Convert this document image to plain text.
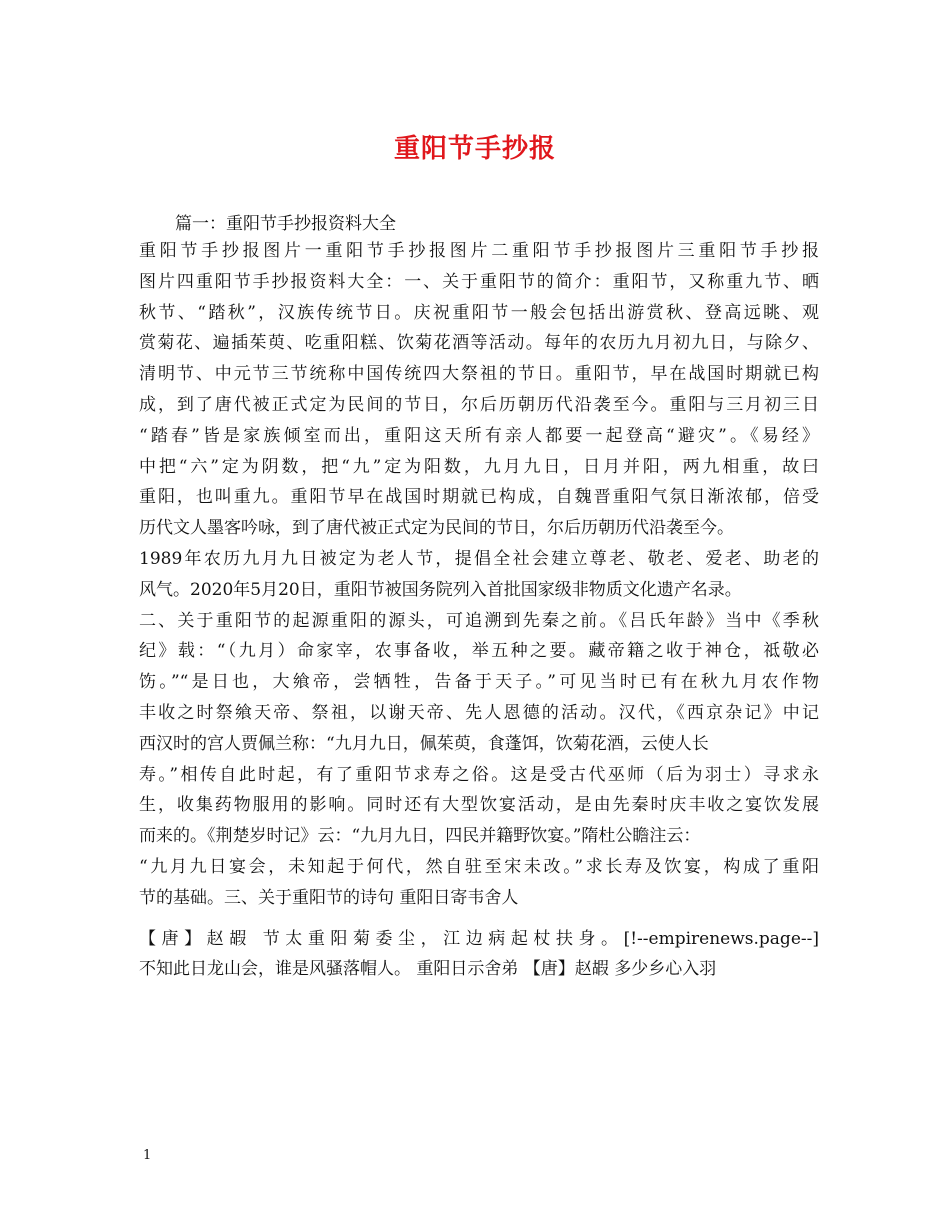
重阳节手抄报

篇一：重阳节手抄报资料大全

重阳节手抄报图片一重阳节手抄报图片二重阳节手抄报图片三重阳节手抄报
图片四重阳节手抄报资料大全：一、关于重阳节的简介：重阳节，又称重九节、晒
秋节、“踏秋”，汉族传统节日。庆祝重阳节一般会包括出游赏秋、登高远眺、观
赏菊花、遍插茱萸、吃重阳糕、饮菊花酒等活动。每年的农历九月初九日，与除夕、
清明节、中元节三节统称中国传统四大祭祖的节日。重阳节，早在战国时期就已构
成，到了唐代被正式定为民间的节日，尔后历朝历代沿袭至今。重阳与三月初三日
“踏春”皆是家族倾室而出，重阳这天所有亲人都要一起登高“避灾”。《易经》
中把“六”定为阴数，把“九”定为阳数，九月九日，日月并阳，两九相重，故曰
重阳，也叫重九。重阳节早在战国时期就已构成，自魏晋重阳气氛日渐浓郁，倍受
历代文人墨客吟咏，到了唐代被正式定为民间的节日，尔后历朝历代沿袭至今。
1989年农历九月九日被定为老人节，提倡全社会建立尊老、敬老、爱老、助老的
风气。2020年5月20日，重阳节被国务院列入首批国家级非物质文化遗产名录。
二、关于重阳节的起源重阳的源头，可追溯到先秦之前。《吕氏年龄》当中《季秋
纪》载：“（九月）命家宰，农事备收，举五种之要。藏帝籍之收于神仓，祗敬必
饬。”“是日也，大飨帝，尝牺牲，告备于天子。”可见当时已有在秋九月农作物
丰收之时祭飨天帝、祭祖，以谢天帝、先人恩德的活动。汉代，《西京杂记》中记
西汉时的宫人贾佩兰称：“九月九日，佩茱萸，食蓬饵，饮菊花酒，云使人长
寿。”相传自此时起，有了重阳节求寿之俗。这是受古代巫师（后为羽士）寻求永
生，收集药物服用的影响。同时还有大型饮宴活动，是由先秦时庆丰收之宴饮发展
而来的。《荆楚岁时记》云：“九月九日，四民并籍野饮宴。”隋杜公瞻注云：
“九月九日宴会，未知起于何代，然自驻至宋未改。”求长寿及饮宴，构成了重阳
节的基础。三、关于重阳节的诗句 重阳日寄韦舍人
【唐】赵嘏 节太重阳菊委尘，江边病起杖扶身。[!--empirenews.page--]
不知此日龙山会，谁是风骚落帽人。 重阳日示舍弟 【唐】赵嘏 多少乡心入羽

1
